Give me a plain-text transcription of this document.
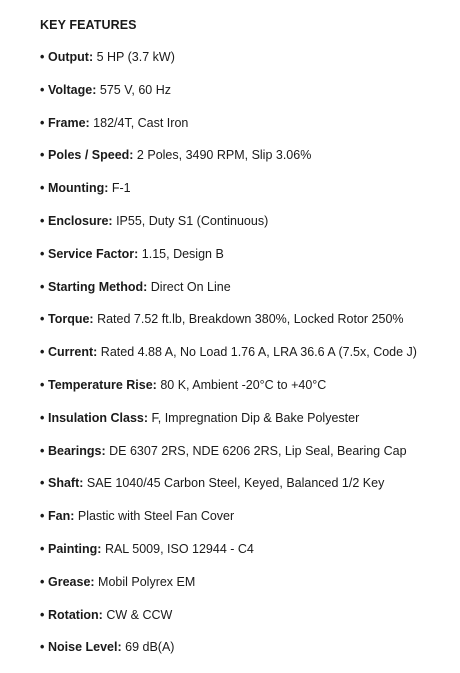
KEY FEATURES
• Output: 5 HP (3.7 kW)
• Voltage: 575 V, 60 Hz
• Frame: 182/4T, Cast Iron
• Poles / Speed: 2 Poles, 3490 RPM, Slip 3.06%
• Mounting: F-1
• Enclosure: IP55, Duty S1 (Continuous)
• Service Factor: 1.15, Design B
• Starting Method: Direct On Line
• Torque: Rated 7.52 ft.lb, Breakdown 380%, Locked Rotor 250%
• Current: Rated 4.88 A, No Load 1.76 A, LRA 36.6 A (7.5x, Code J)
• Temperature Rise: 80 K, Ambient -20°C to +40°C
• Insulation Class: F, Impregnation Dip & Bake Polyester
• Bearings: DE 6307 2RS, NDE 6206 2RS, Lip Seal, Bearing Cap
• Shaft: SAE 1040/45 Carbon Steel, Keyed, Balanced 1/2 Key
• Fan: Plastic with Steel Fan Cover
• Painting: RAL 5009, ISO 12944 - C4
• Grease: Mobil Polyrex EM
• Rotation: CW & CCW
• Noise Level: 69 dB(A)
